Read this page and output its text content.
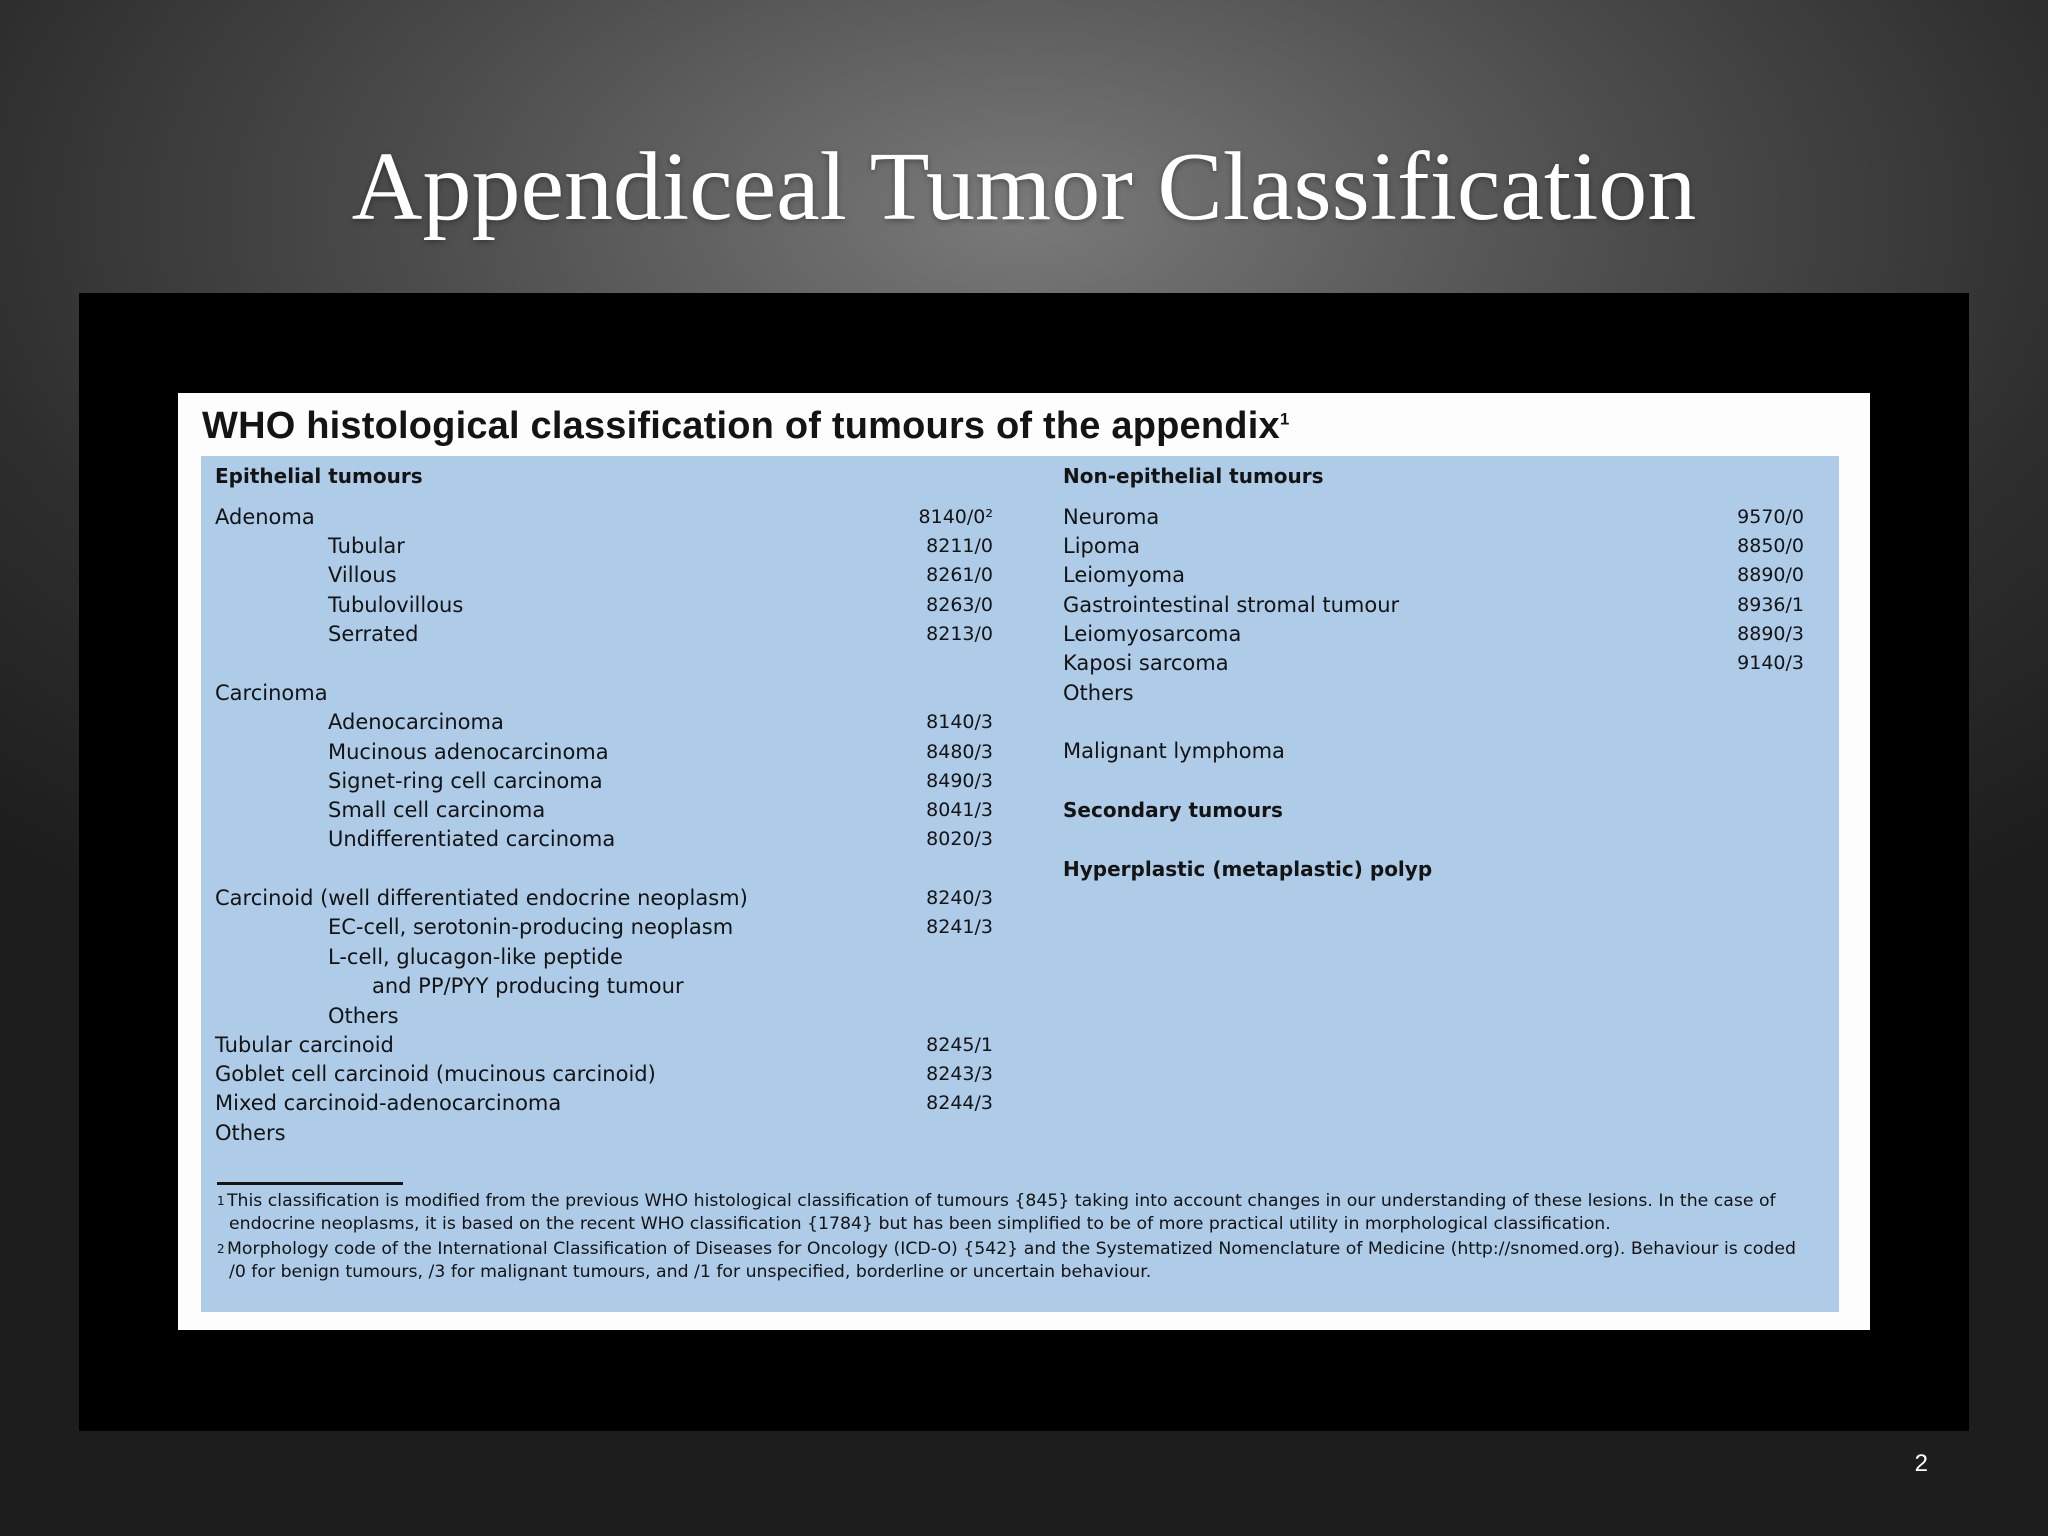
Appendiceal Tumor Classification
WHO histological classification of tumours of the appendix$^1$
Epithelial tumours
Adenoma	8140/0²
Tubular	8211/0
Villous	8261/0
Tubulovillous	8263/0
Serrated	8213/0
Carcinoma
Adenocarcinoma	8140/3
Mucinous adenocarcinoma	8480/3
Signet-ring cell carcinoma	8490/3
Small cell carcinoma	8041/3
Undifferentiated carcinoma	8020/3
Carcinoid (well differentiated endocrine neoplasm)	8240/3
EC-cell, serotonin-producing neoplasm	8241/3
L-cell, glucagon-like peptide
and PP/PYY producing tumour
Others
Tubular carcinoid	8245/1
Goblet cell carcinoid (mucinous carcinoid)	8243/3
Mixed carcinoid-adenocarcinoma	8244/3
Others
Non-epithelial tumours
Neuroma	9570/0
Lipoma	8850/0
Leiomyoma	8890/0
Gastrointestinal stromal tumour	8936/1
Leiomyosarcoma	8890/3
Kaposi sarcoma	9140/3
Others
Malignant lymphoma
Secondary tumours
Hyperplastic (metaplastic) polyp
1 This classification is modified from the previous WHO histological classification of tumours {845} taking into account changes in our understanding of these lesions. In the case of
endocrine neoplasms, it is based on the recent WHO classification {1784} but has been simplified to be of more practical utility in morphological classification.
2 Morphology code of the International Classification of Diseases for Oncology (ICD-O) {542} and the Systematized Nomenclature of Medicine (http://snomed.org). Behaviour is coded
/0 for benign tumours, /3 for malignant tumours, and /1 for unspecified, borderline or uncertain behaviour.
2
